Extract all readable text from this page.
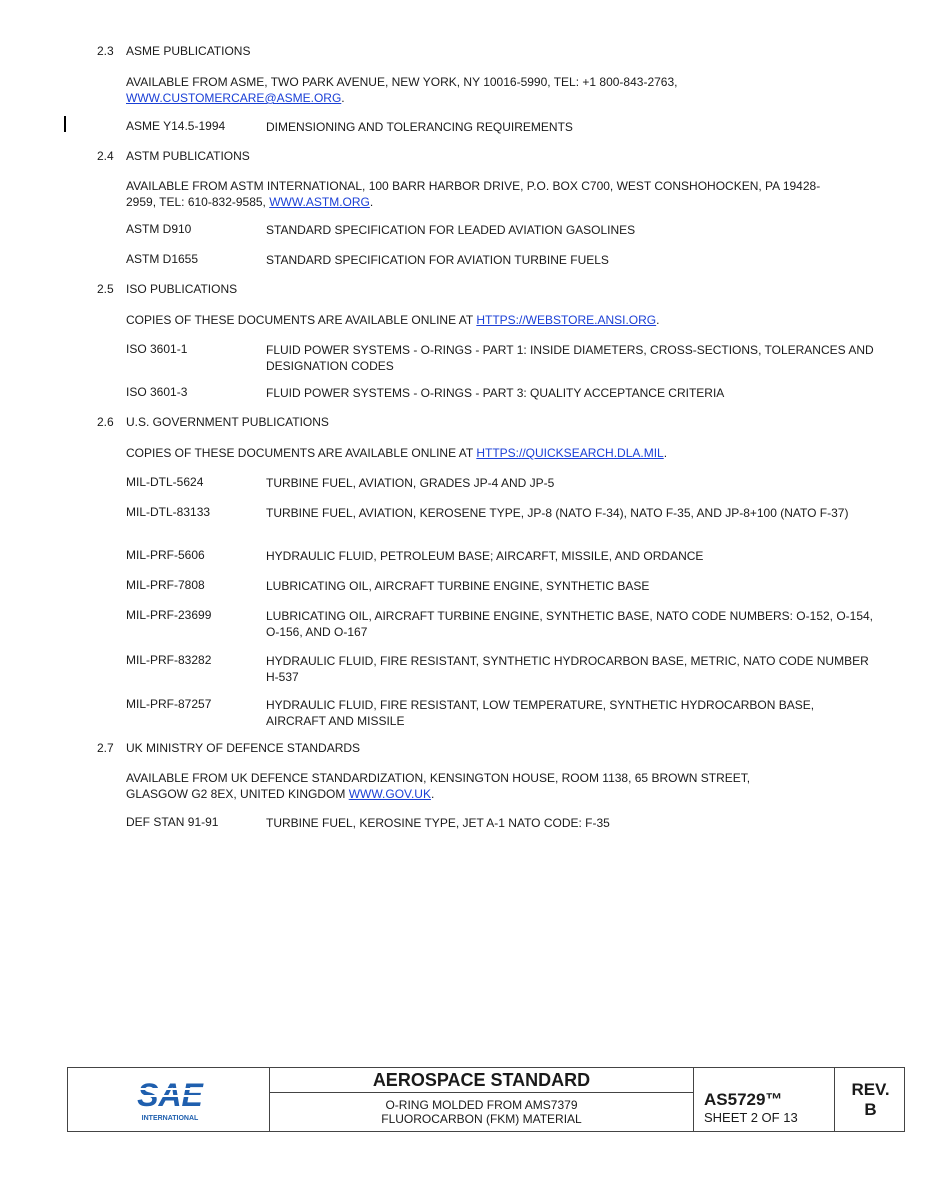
2.3 ASME PUBLICATIONS
AVAILABLE FROM ASME, TWO PARK AVENUE, NEW YORK, NY 10016-5990, TEL: +1 800-843-2763,
WWW.CUSTOMERCARE@ASME.ORG.
ASME Y14.5-1994	DIMENSIONING AND TOLERANCING REQUIREMENTS
2.4 ASTM PUBLICATIONS
AVAILABLE FROM ASTM INTERNATIONAL, 100 BARR HARBOR DRIVE, P.O. BOX C700, WEST CONSHOHOCKEN, PA 19428-2959, TEL: 610-832-9585, WWW.ASTM.ORG.
ASTM D910	STANDARD SPECIFICATION FOR LEADED AVIATION GASOLINES
ASTM D1655	STANDARD SPECIFICATION FOR AVIATION TURBINE FUELS
2.5 ISO PUBLICATIONS
COPIES OF THESE DOCUMENTS ARE AVAILABLE ONLINE AT HTTPS://WEBSTORE.ANSI.ORG.
ISO 3601-1	FLUID POWER SYSTEMS - O-RINGS - PART 1: INSIDE DIAMETERS, CROSS-SECTIONS, TOLERANCES AND DESIGNATION CODES
ISO 3601-3	FLUID POWER SYSTEMS - O-RINGS - PART 3: QUALITY ACCEPTANCE CRITERIA
2.6 U.S. GOVERNMENT PUBLICATIONS
COPIES OF THESE DOCUMENTS ARE AVAILABLE ONLINE AT HTTPS://QUICKSEARCH.DLA.MIL.
MIL-DTL-5624	TURBINE FUEL, AVIATION, GRADES JP-4 AND JP-5
MIL-DTL-83133	TURBINE FUEL, AVIATION, KEROSENE TYPE, JP-8 (NATO F-34), NATO F-35, AND JP-8+100 (NATO F-37)
MIL-PRF-5606	HYDRAULIC FLUID, PETROLEUM BASE; AIRCARFT, MISSILE, AND ORDANCE
MIL-PRF-7808	LUBRICATING OIL, AIRCRAFT TURBINE ENGINE, SYNTHETIC BASE
MIL-PRF-23699	LUBRICATING OIL, AIRCRAFT TURBINE ENGINE, SYNTHETIC BASE, NATO CODE NUMBERS: O-152, O-154, O-156, AND O-167
MIL-PRF-83282	HYDRAULIC FLUID, FIRE RESISTANT, SYNTHETIC HYDROCARBON BASE, METRIC, NATO CODE NUMBER H-537
MIL-PRF-87257	HYDRAULIC FLUID, FIRE RESISTANT, LOW TEMPERATURE, SYNTHETIC HYDROCARBON BASE, AIRCRAFT AND MISSILE
2.7 UK MINISTRY OF DEFENCE STANDARDS
AVAILABLE FROM UK DEFENCE STANDARDIZATION, KENSINGTON HOUSE, ROOM 1138, 65 BROWN STREET, GLASGOW G2 8EX, UNITED KINGDOM WWW.GOV.UK.
DEF STAN 91-91	TURBINE FUEL, KEROSINE TYPE, JET A-1 NATO CODE: F-35
SAE
INTERNATIONAL
AEROSPACE STANDARD
O-RING MOLDED FROM AMS7379
FLUOROCARBON (FKM) MATERIAL
AS5729™
SHEET 2 OF 13
REV.
B
